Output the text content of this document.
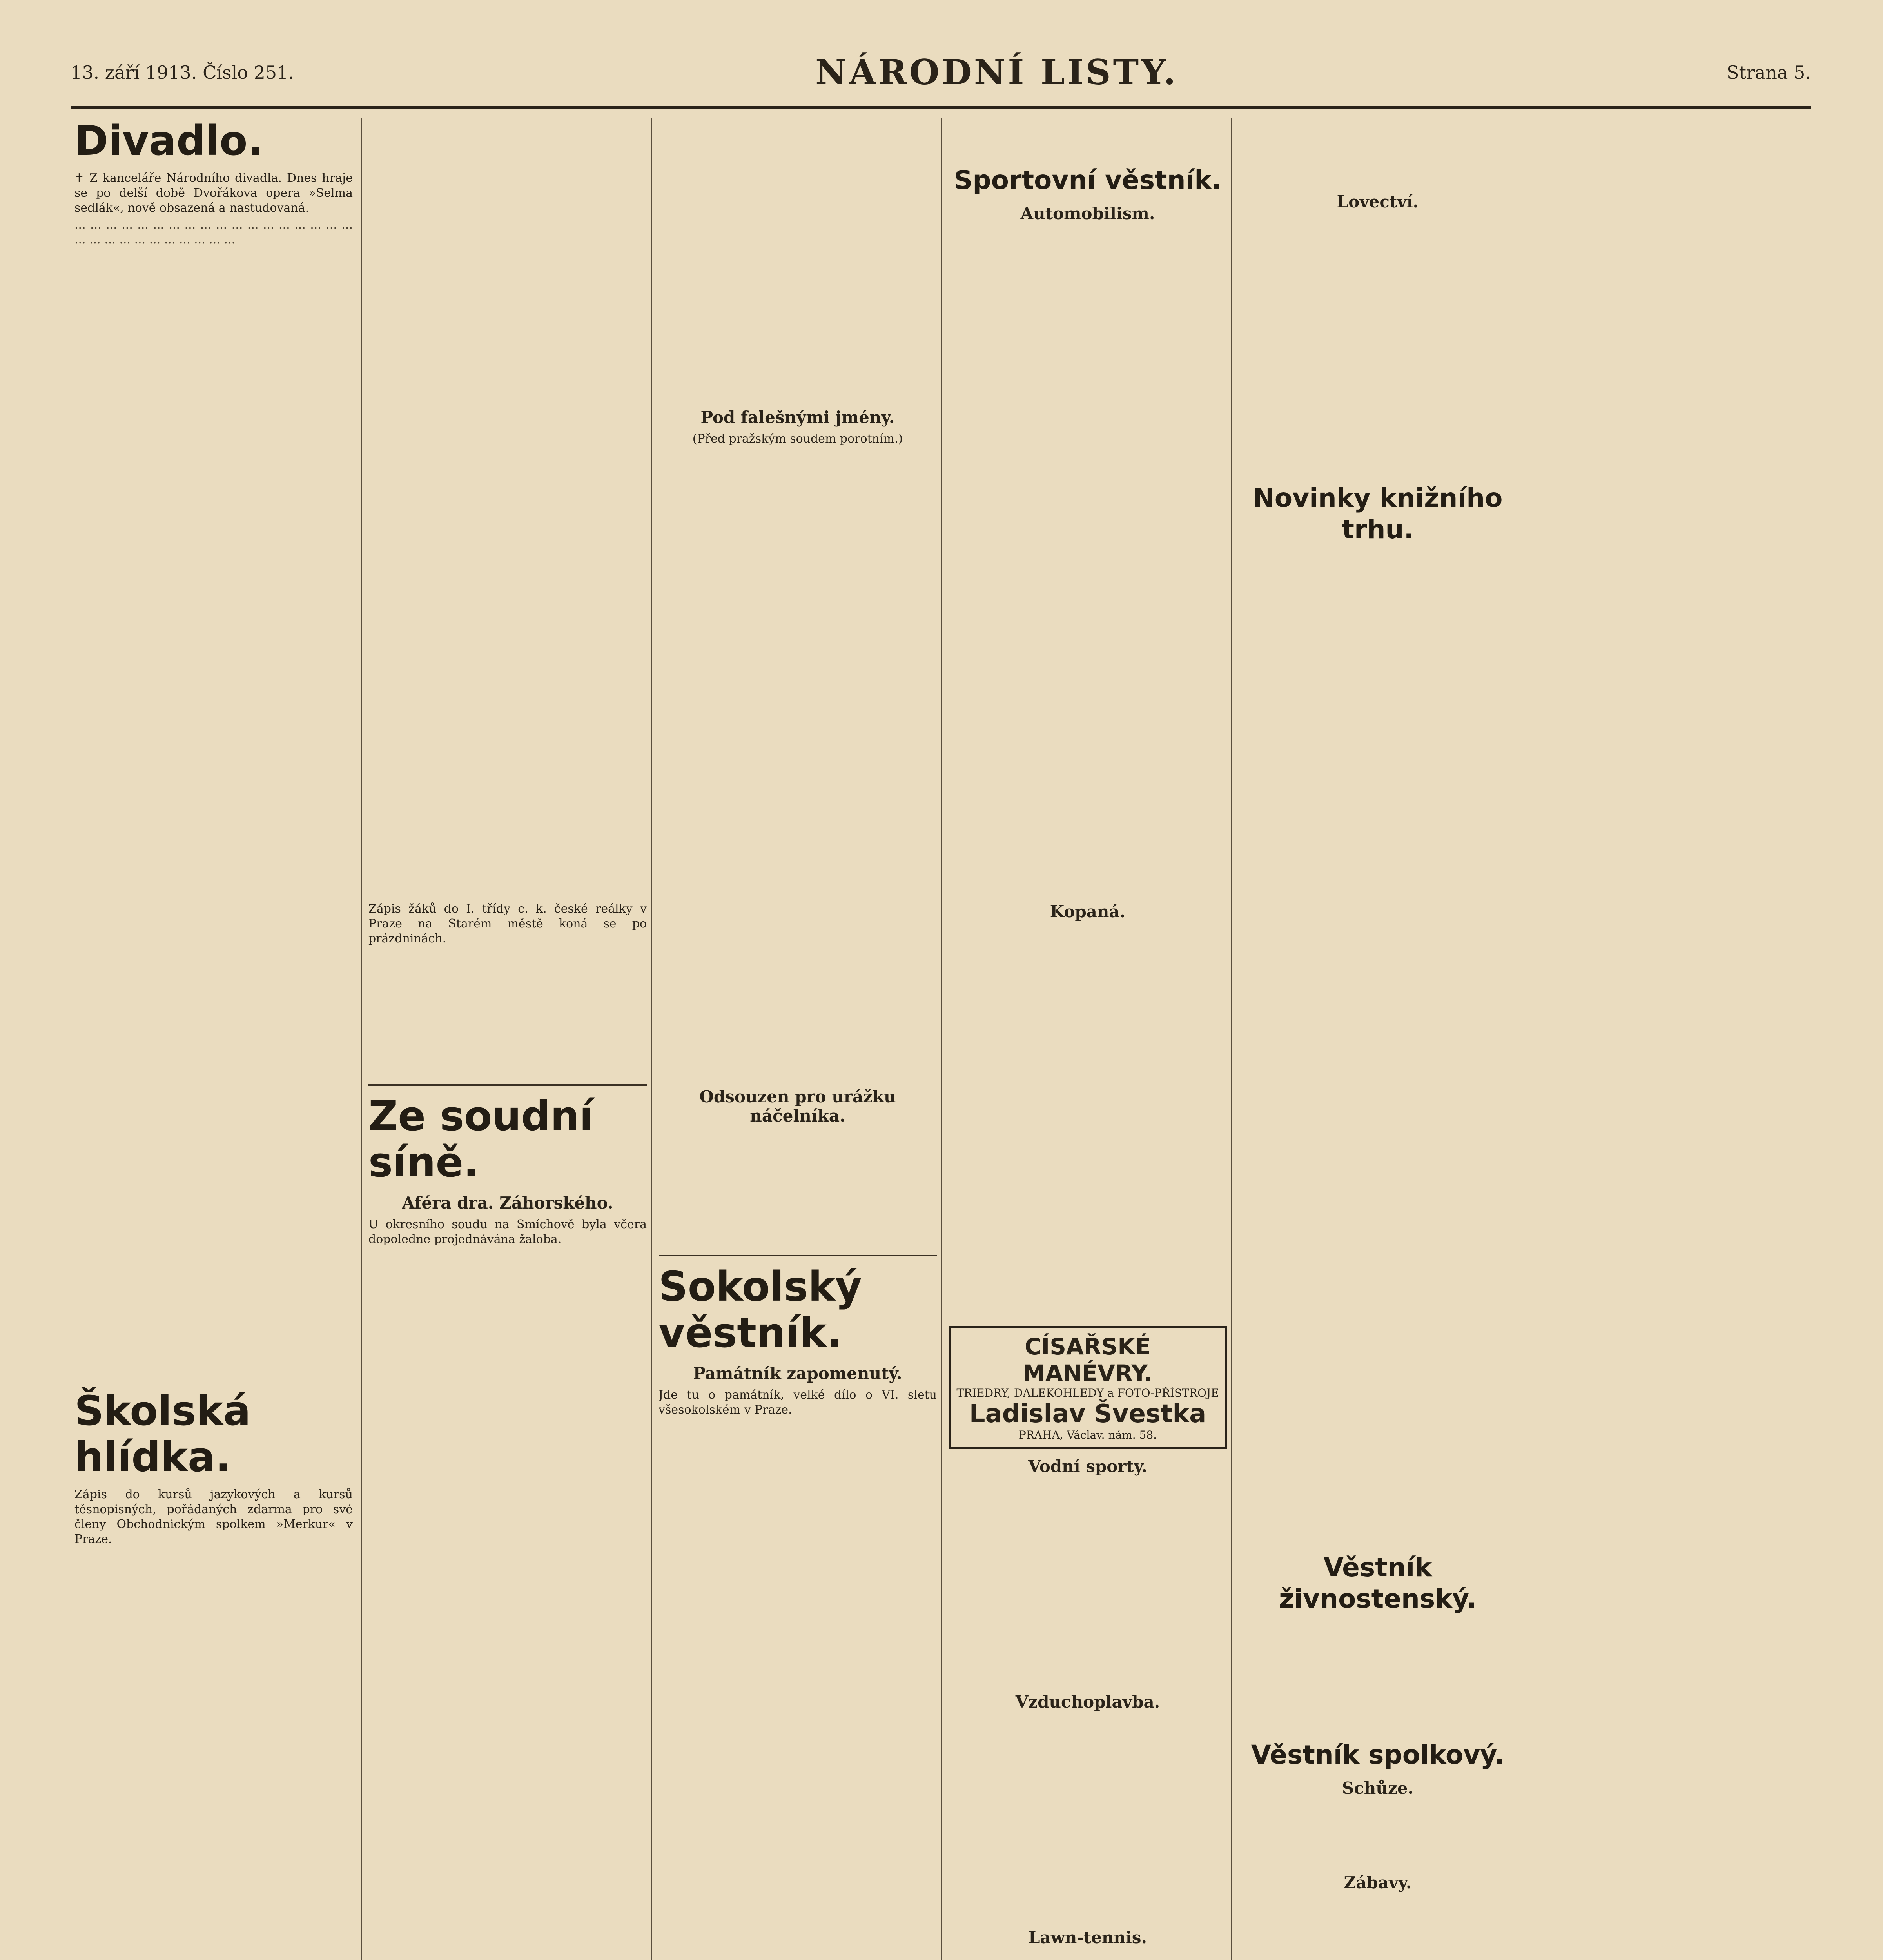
13. září 1913. Číslo 251.	NÁRODNÍ LISTY.	Strana 5.
Divadlo.

✝ Z kanceláře Národního divadla. Dnes hraje se po delší době Dvořákova opera »Selma sedlák«, nově obsazená a nastudovaná.

··· ··· ··· ··· ··· ··· ··· ··· ··· ··· ··· ··· ··· ··· ··· ··· ··· ··· ··· ··· ··· ··· ··· ··· ··· ··· ··· ··· ···
Školská hlídka.

Zápis do kursů jazykových a kursů těsnopisných, pořádaných zdarma pro své členy Obchodnickým spolkem »Merkur« v Praze.

Zápis žáků do I. třídy c. k. české reálky v Praze na Starém městě koná se po prázdninách.

Ze soudní síně.
Aféra dra. Záhorského.

U okresního soudu na Smíchově byla včera dopoledne projednávána žaloba.

Pod falešnými jmény.

(Před pražským soudem porotním.)

Odsouzen pro urážku náčelníka.
Sokolský věstník.
Památník zapomenutý.

Jde tu o památník, velké dílo o VI. sletu všesokolském v Praze.

Sportovní věstník.
Automobilism.
Kopaná.
CÍSAŘSKÉ MANÉVRY.
TRIEDRY, DALEKOHLEDY a FOTO-PŘÍSTROJE
Ladislav Švestka
PRAHA, Václav. nám. 58.
Vodní sporty.
Vzduchoplavba.
Lawn-tennis.
Lovectví.
Novinky knižního trhu.
Věstník živnostenský.
Věstník spolkový.
Schůze.
Zábavy.
